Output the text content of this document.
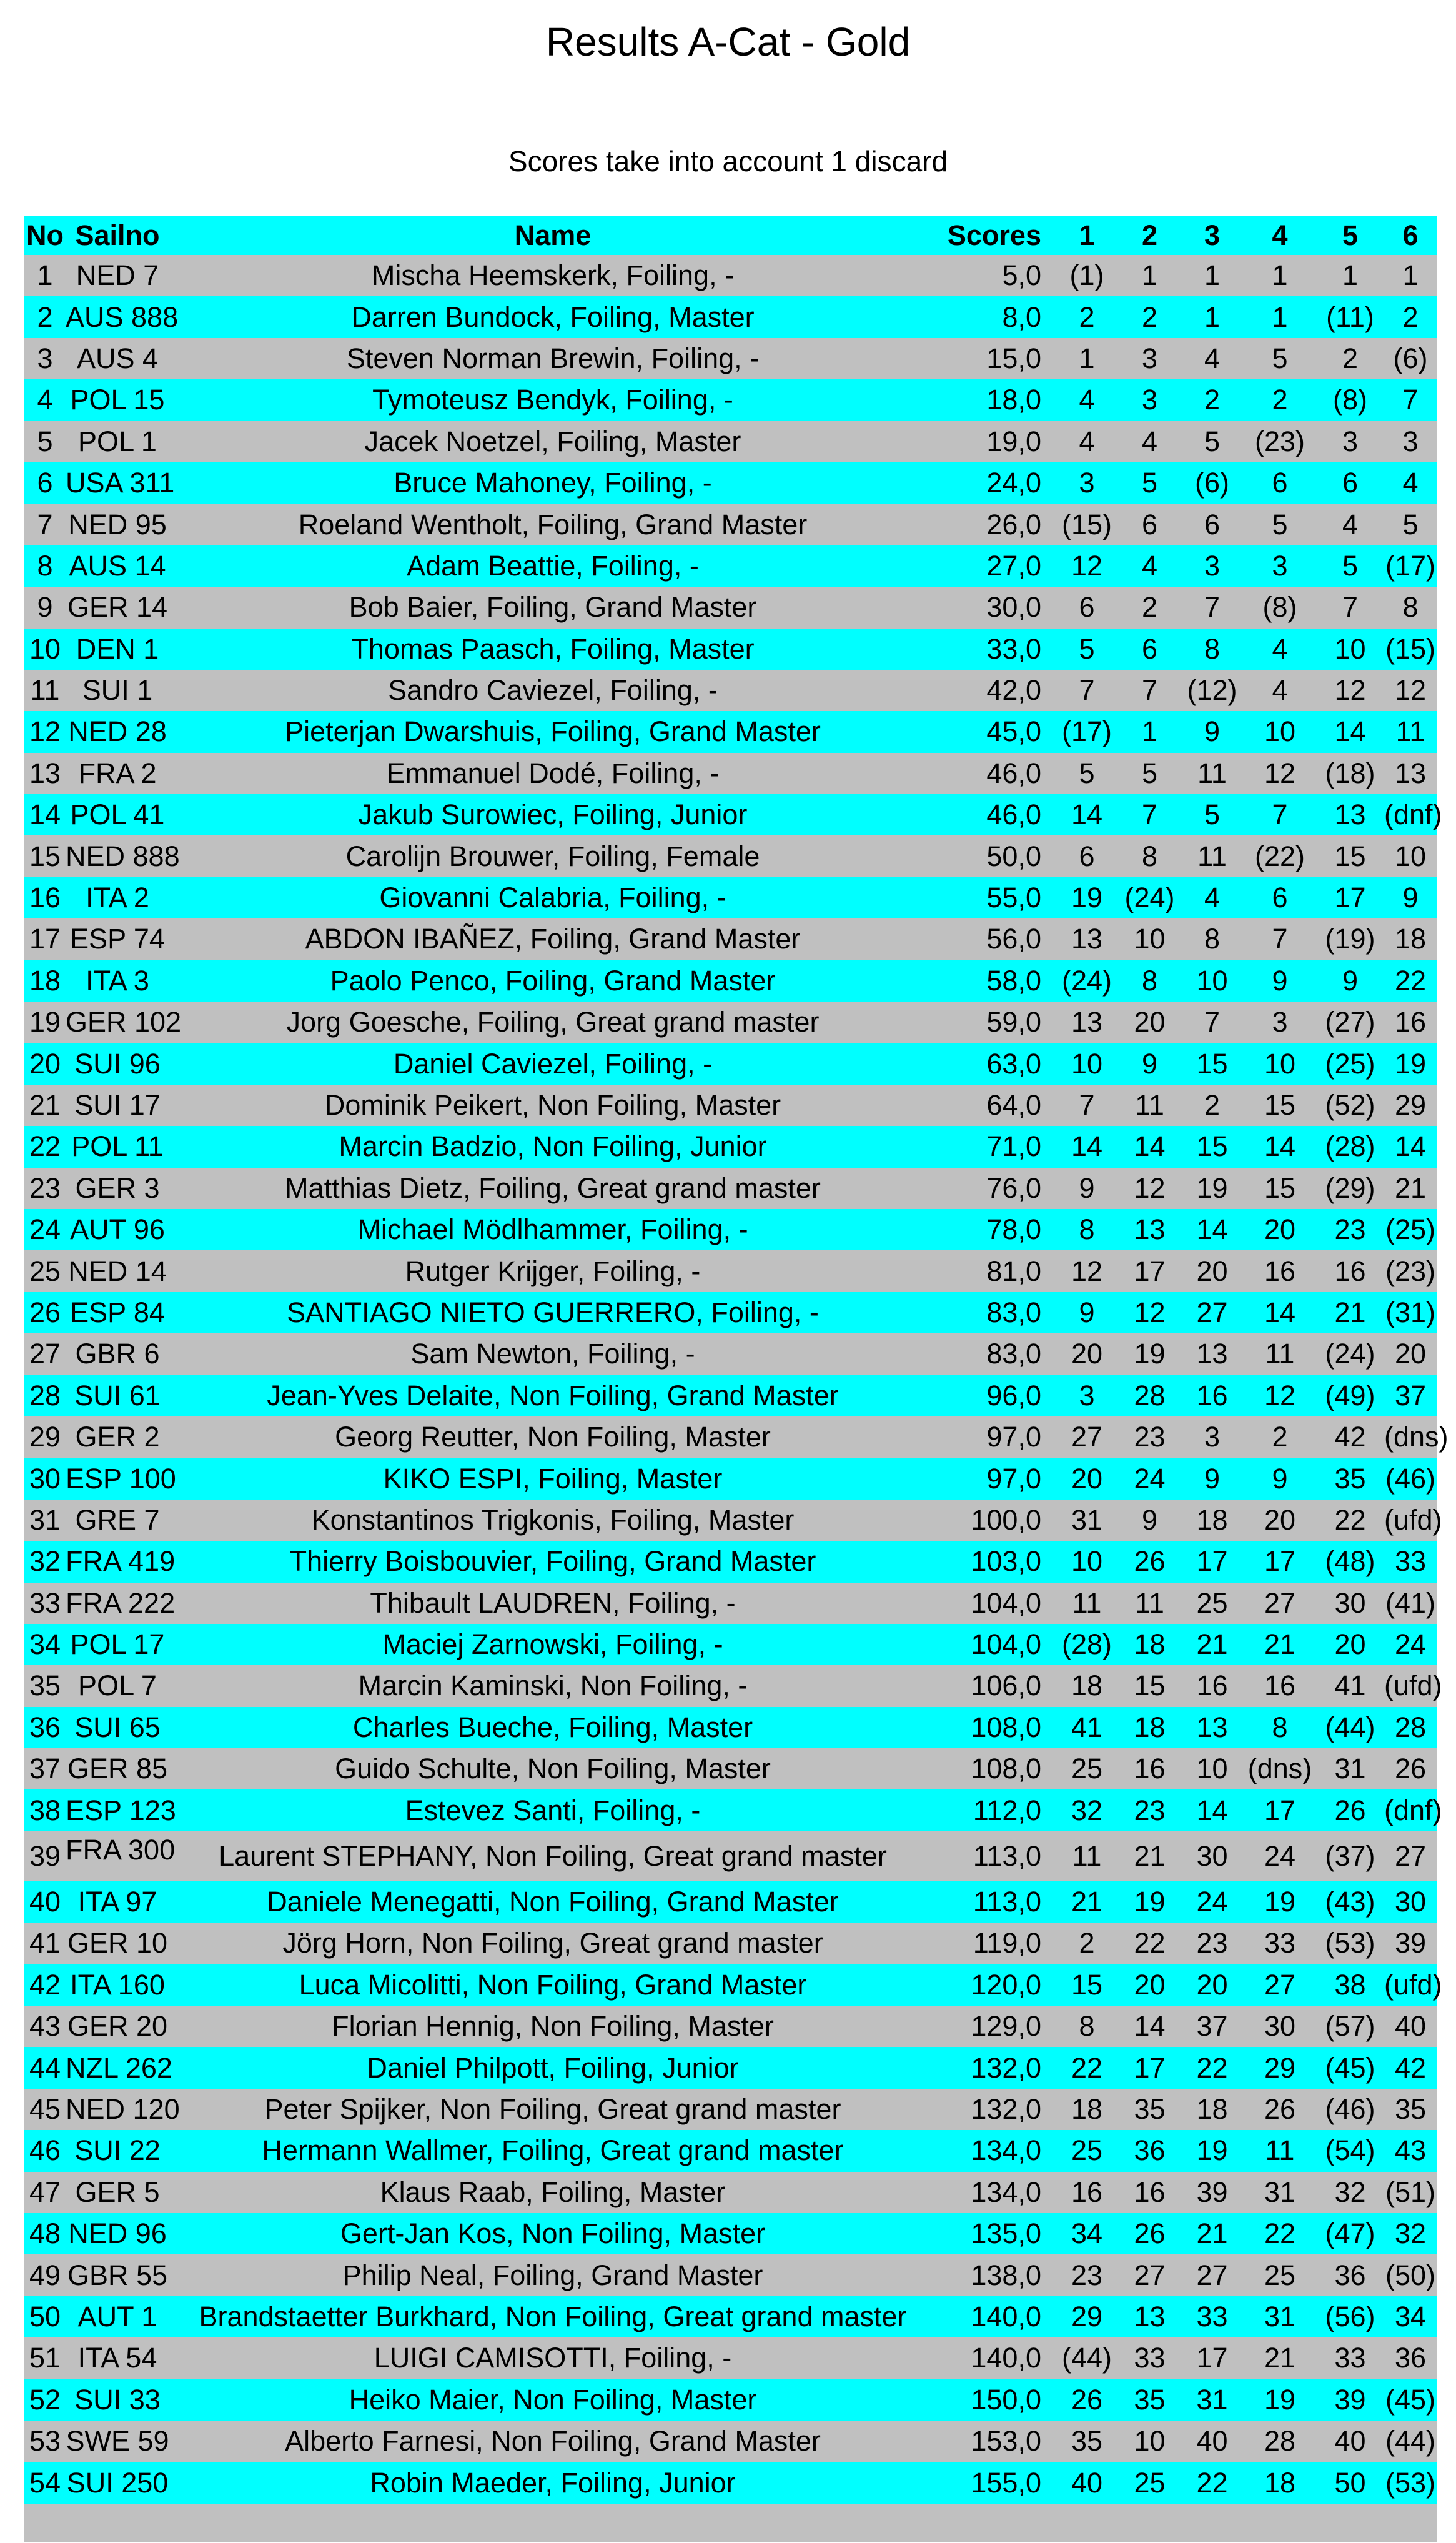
Results A-Cat - Gold
Scores take into account 1 discard
No	Sailno	Name	Scores	1	2	3	4	5	6
1	NED 7	Mischa Heemskerk, Foiling, -	5,0	(1)	1	1	1	1	1
2	AUS 888	Darren Bundock, Foiling, Master	8,0	2	2	1	1	(11)	2
3	AUS 4	Steven Norman Brewin, Foiling, -	15,0	1	3	4	5	2	(6)
4	POL 15	Tymoteusz Bendyk, Foiling, -	18,0	4	3	2	2	(8)	7
5	POL 1	Jacek Noetzel, Foiling, Master	19,0	4	4	5	(23)	3	3
6	USA 311	Bruce Mahoney, Foiling, -	24,0	3	5	(6)	6	6	4
7	NED 95	Roeland Wentholt, Foiling, Grand Master	26,0	(15)	6	6	5	4	5
8	AUS 14	Adam Beattie, Foiling, -	27,0	12	4	3	3	5	(17)
9	GER 14	Bob Baier, Foiling, Grand Master	30,0	6	2	7	(8)	7	8
10	DEN 1	Thomas Paasch, Foiling, Master	33,0	5	6	8	4	10	(15)
11	SUI 1	Sandro Caviezel, Foiling, -	42,0	7	7	(12)	4	12	12
12	NED 28	Pieterjan Dwarshuis, Foiling, Grand Master	45,0	(17)	1	9	10	14	11
13	FRA 2	Emmanuel Dodé, Foiling, -	46,0	5	5	11	12	(18)	13
14	POL 41	Jakub Surowiec, Foiling, Junior	46,0	14	7	5	7	13	(dnf)
15	NED 888	Carolijn Brouwer, Foiling, Female	50,0	6	8	11	(22)	15	10
16	ITA 2	Giovanni Calabria, Foiling, -	55,0	19	(24)	4	6	17	9
17	ESP 74	ABDON IBAÑEZ, Foiling, Grand Master	56,0	13	10	8	7	(19)	18
18	ITA 3	Paolo Penco, Foiling, Grand Master	58,0	(24)	8	10	9	9	22
19	GER 102	Jorg Goesche, Foiling, Great grand master	59,0	13	20	7	3	(27)	16
20	SUI 96	Daniel Caviezel, Foiling, -	63,0	10	9	15	10	(25)	19
21	SUI 17	Dominik Peikert, Non Foiling, Master	64,0	7	11	2	15	(52)	29
22	POL 11	Marcin Badzio, Non Foiling, Junior	71,0	14	14	15	14	(28)	14
23	GER 3	Matthias Dietz, Foiling, Great grand master	76,0	9	12	19	15	(29)	21
24	AUT 96	Michael Mödlhammer, Foiling, -	78,0	8	13	14	20	23	(25)
25	NED 14	Rutger Krijger, Foiling, -	81,0	12	17	20	16	16	(23)
26	ESP 84	SANTIAGO NIETO GUERRERO, Foiling, -	83,0	9	12	27	14	21	(31)
27	GBR 6	Sam Newton, Foiling, -	83,0	20	19	13	11	(24)	20
28	SUI 61	Jean-Yves Delaite, Non Foiling, Grand Master	96,0	3	28	16	12	(49)	37
29	GER 2	Georg Reutter, Non Foiling, Master	97,0	27	23	3	2	42	(dns)
30	ESP 100	KIKO ESPI, Foiling, Master	97,0	20	24	9	9	35	(46)
31	GRE 7	Konstantinos Trigkonis, Foiling, Master	100,0	31	9	18	20	22	(ufd)
32	FRA 419	Thierry Boisbouvier, Foiling, Grand Master	103,0	10	26	17	17	(48)	33
33	FRA 222	Thibault LAUDREN, Foiling, -	104,0	11	11	25	27	30	(41)
34	POL 17	Maciej Zarnowski, Foiling, -	104,0	(28)	18	21	21	20	24
35	POL 7	Marcin Kaminski, Non Foiling, -	106,0	18	15	16	16	41	(ufd)
36	SUI 65	Charles Bueche, Foiling, Master	108,0	41	18	13	8	(44)	28
37	GER 85	Guido Schulte, Non Foiling, Master	108,0	25	16	10	(dns)	31	26
38	ESP 123	Estevez Santi, Foiling, -	112,0	32	23	14	17	26	(dnf)
39	FRA 300	Laurent STEPHANY, Non Foiling, Great grand master	113,0	11	21	30	24	(37)	27
40	ITA 97	Daniele Menegatti, Non Foiling, Grand Master	113,0	21	19	24	19	(43)	30
41	GER 10	Jörg Horn, Non Foiling, Great grand master	119,0	2	22	23	33	(53)	39
42	ITA 160	Luca Micolitti, Non Foiling, Grand Master	120,0	15	20	20	27	38	(ufd)
43	GER 20	Florian Hennig, Non Foiling, Master	129,0	8	14	37	30	(57)	40
44	NZL 262	Daniel Philpott, Foiling, Junior	132,0	22	17	22	29	(45)	42
45	NED 120	Peter Spijker, Non Foiling, Great grand master	132,0	18	35	18	26	(46)	35
46	SUI 22	Hermann Wallmer, Foiling, Great grand master	134,0	25	36	19	11	(54)	43
47	GER 5	Klaus Raab, Foiling, Master	134,0	16	16	39	31	32	(51)
48	NED 96	Gert-Jan Kos, Non Foiling, Master	135,0	34	26	21	22	(47)	32
49	GBR 55	Philip Neal, Foiling, Grand Master	138,0	23	27	27	25	36	(50)
50	AUT 1	Brandstaetter Burkhard, Non Foiling, Great grand master	140,0	29	13	33	31	(56)	34
51	ITA 54	LUIGI CAMISOTTI, Foiling, -	140,0	(44)	33	17	21	33	36
52	SUI 33	Heiko Maier, Non Foiling, Master	150,0	26	35	31	19	39	(45)
53	SWE 59	Alberto Farnesi, Non Foiling, Grand Master	153,0	35	10	40	28	40	(44)
54	SUI 250	Robin Maeder, Foiling, Junior	155,0	40	25	22	18	50	(53)
